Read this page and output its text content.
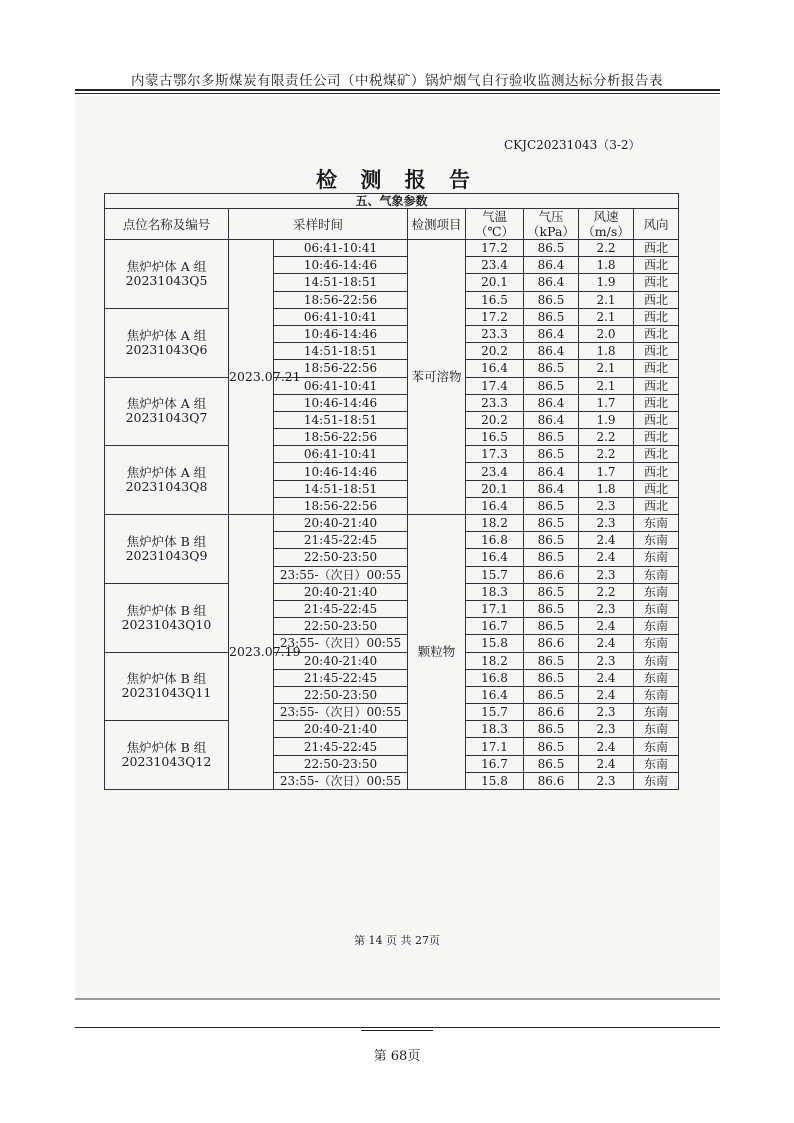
内蒙古鄂尔多斯煤炭有限责任公司（中税煤矿）锅炉烟气自行验收监测达标分析报告表
CKJC20231043（3-2）
检 测 报 告
五、气象参数							
点位名称及编号	采样时间		检测项目	气温（℃）	气压（kPa）	风速（m/s）	风向
焦炉炉体 A 组 20231043Q5	2023.07.21	06:41-10:41	苯可溶物	17.2	86.5	2.2	西北
		10:46-14:46		23.4	86.4	1.8	西北
		14:51-18:51		20.1	86.4	1.9	西北
		18:56-22:56		16.5	86.5	2.1	西北
焦炉炉体 A 组 20231043Q6		06:41-10:41		17.2	86.5	2.1	西北
		10:46-14:46		23.3	86.4	2.0	西北
		14:51-18:51		20.2	86.4	1.8	西北
		18:56-22:56		16.4	86.5	2.1	西北
焦炉炉体 A 组 20231043Q7		06:41-10:41		17.4	86.5	2.1	西北
		10:46-14:46		23.3	86.4	1.7	西北
		14:51-18:51		20.2	86.4	1.9	西北
		18:56-22:56		16.5	86.5	2.2	西北
焦炉炉体 A 组 20231043Q8		06:41-10:41		17.3	86.5	2.2	西北
		10:46-14:46		23.4	86.4	1.7	西北
		14:51-18:51		20.1	86.4	1.8	西北
		18:56-22:56		16.4	86.5	2.3	西北
焦炉炉体 B 组 20231043Q9	2023.07.19	20:40-21:40	颗粒物	18.2	86.5	2.3	东南
		21:45-22:45		16.8	86.5	2.4	东南
		22:50-23:50		16.4	86.5	2.4	东南
		23:55-（次日）00:55		15.7	86.6	2.3	东南
焦炉炉体 B 组 20231043Q10		20:40-21:40		18.3	86.5	2.2	东南
		21:45-22:45		17.1	86.5	2.3	东南
		22:50-23:50		16.7	86.5	2.4	东南
		23:55-（次日）00:55		15.8	86.6	2.4	东南
焦炉炉体 B 组 20231043Q11		20:40-21:40		18.2	86.5	2.3	东南
		21:45-22:45		16.8	86.5	2.4	东南
		22:50-23:50		16.4	86.5	2.4	东南
		23:55-（次日）00:55		15.7	86.6	2.3	东南
焦炉炉体 B 组 20231043Q12		20:40-21:40		18.3	86.5	2.3	东南
		21:45-22:45		17.1	86.5	2.4	东南
		22:50-23:50		16.7	86.5	2.4	东南
		23:55-（次日）00:55		15.8	86.6	2.3	东南
第 14 页 共 27页
第 68页
